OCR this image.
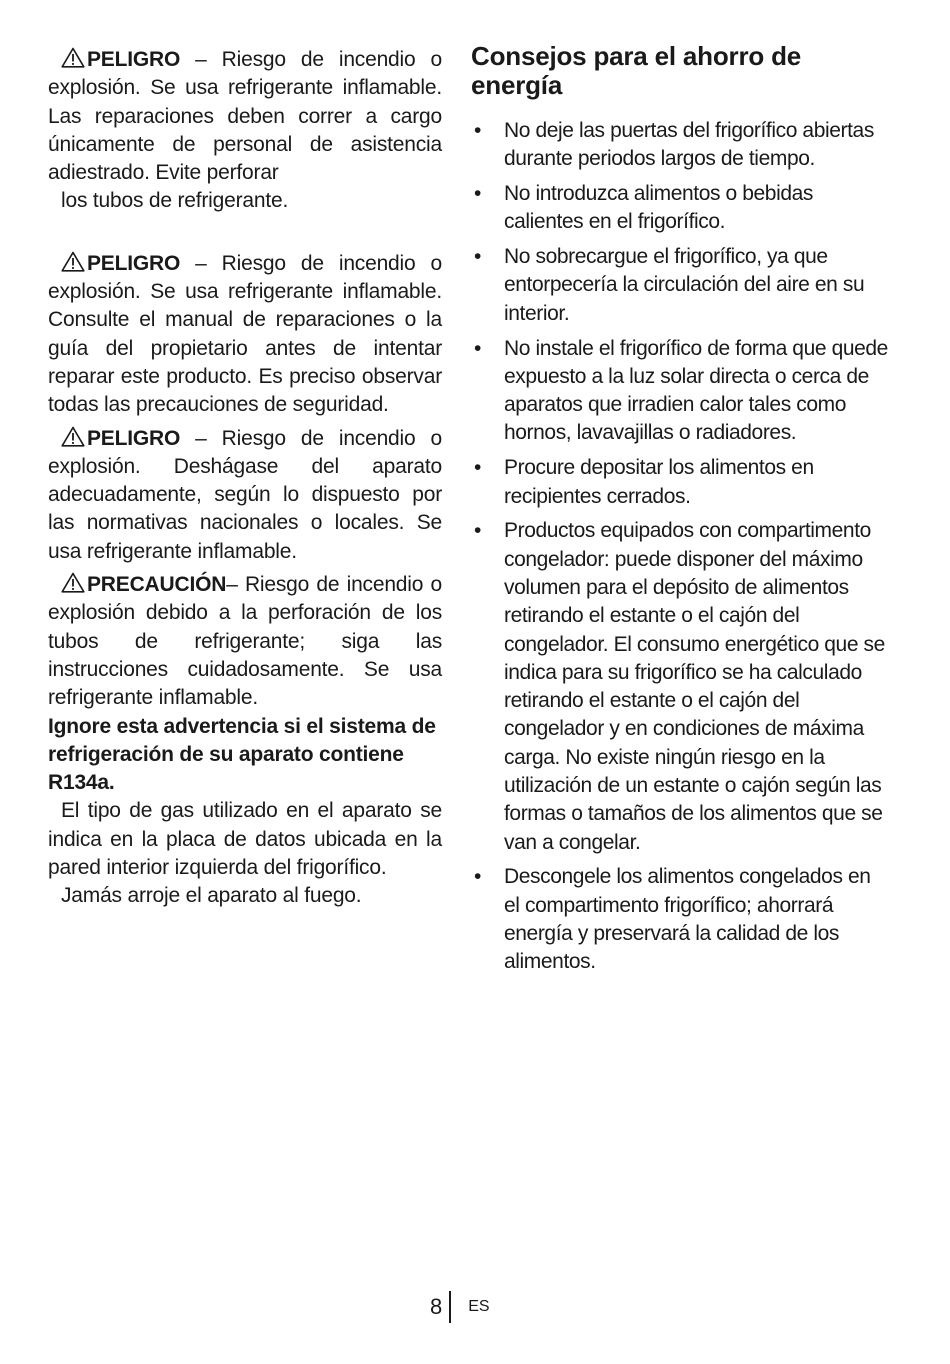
PELIGRO – Riesgo de incendio o explosión. Se usa refrigerante inflamable. Las reparaciones deben correr a cargo únicamente de personal de asistencia adiestrado. Evite perforar

los tubos de refrigerante.

PELIGRO – Riesgo de incendio o explosión. Se usa refrigerante inflamable. Consulte el manual de reparaciones o la guía del propietario antes de intentar reparar este producto. Es preciso observar todas las precauciones de seguridad.

PELIGRO – Riesgo de incendio o explosión. Deshágase del aparato adecuadamente, según lo dispuesto por las normativas nacionales o locales. Se usa refrigerante inflamable.

PRECAUCIÓN– Riesgo de incendio o explosión debido a la perforación de los tubos de refrigerante; siga las instrucciones cuidadosamente. Se usa refrigerante inflamable.

Ignore esta advertencia si el sistema de refrigeración de su aparato contiene R134a.

El tipo de gas utilizado en el aparato se indica en la placa de datos ubicada en la pared interior izquierda del frigorífico.

Jamás arroje el aparato al fuego.

Consejos para el ahorro de energía
• No deje las puertas del frigorífico abiertas durante periodos largos de tiempo.
• No introduzca alimentos o bebidas calientes en el frigorífico.
• No sobrecargue el frigorífico, ya que entorpecería la circulación del aire en su interior.
• No instale el frigorífico de forma que quede expuesto a la luz solar directa o cerca de aparatos que irradien calor tales como hornos, lavavajillas o radiadores.
• Procure depositar los alimentos en recipientes cerrados.
• Productos equipados con compartimento congelador: puede disponer del máximo volumen para el depósito de alimentos retirando el estante o el cajón del congelador. El consumo energético que se indica para su frigorífico se ha calculado retirando el estante o el cajón del congelador y en condiciones de máxima carga. No existe ningún riesgo en la utilización de un estante o cajón según las formas o tamaños de los alimentos que se van a congelar.
• Descongele los alimentos congelados en el compartimento frigorífico; ahorrará energía y preservará la calidad de los alimentos.
8 ES
